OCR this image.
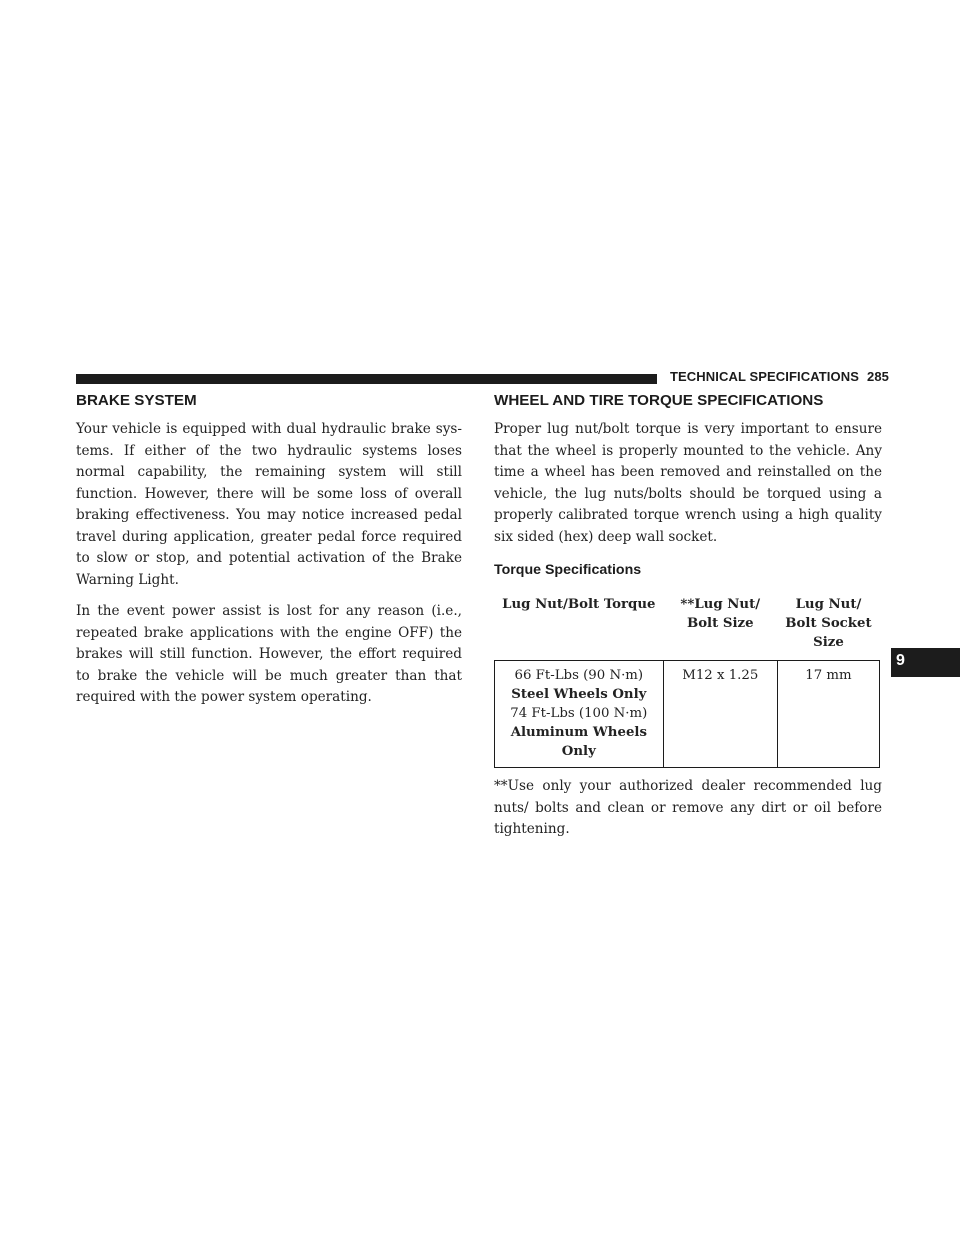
TECHNICAL SPECIFICATIONS 285
BRAKE SYSTEM

Your vehicle is equipped with dual hydraulic brake systems. If either of the two hydraulic systems loses normal capability, the remaining system will still function. However, there will be some loss of overall braking effectiveness. You may notice increased pedal travel during application, greater pedal force required to slow or stop, and potential activation of the Brake Warning Light.

In the event power assist is lost for any reason (i.e., repeated brake applications with the engine OFF) the brakes will still function. However, the effort required to brake the vehicle will be much greater than that required with the power system operating.

WHEEL AND TIRE TORQUE SPECIFICATIONS

Proper lug nut/bolt torque is very important to ensure that the wheel is properly mounted to the vehicle. Any time a wheel has been removed and reinstalled on the vehicle, the lug nuts/bolts should be torqued using a properly calibrated torque wrench using a high quality six sided (hex) deep wall socket.

Torque Specifications
Lug Nut/Bolt Torque	**Lug Nut/ Bolt Size	Lug Nut/ Bolt Socket Size

66 Ft-Lbs (90 N·m)
Steel Wheels Only
74 Ft-Lbs (100 N·m)
Aluminum Wheels Only	M12 x 1.25	17 mm

**Use only your authorized dealer recommended lug nuts/ bolts and clean or remove any dirt or oil before tightening.

9
